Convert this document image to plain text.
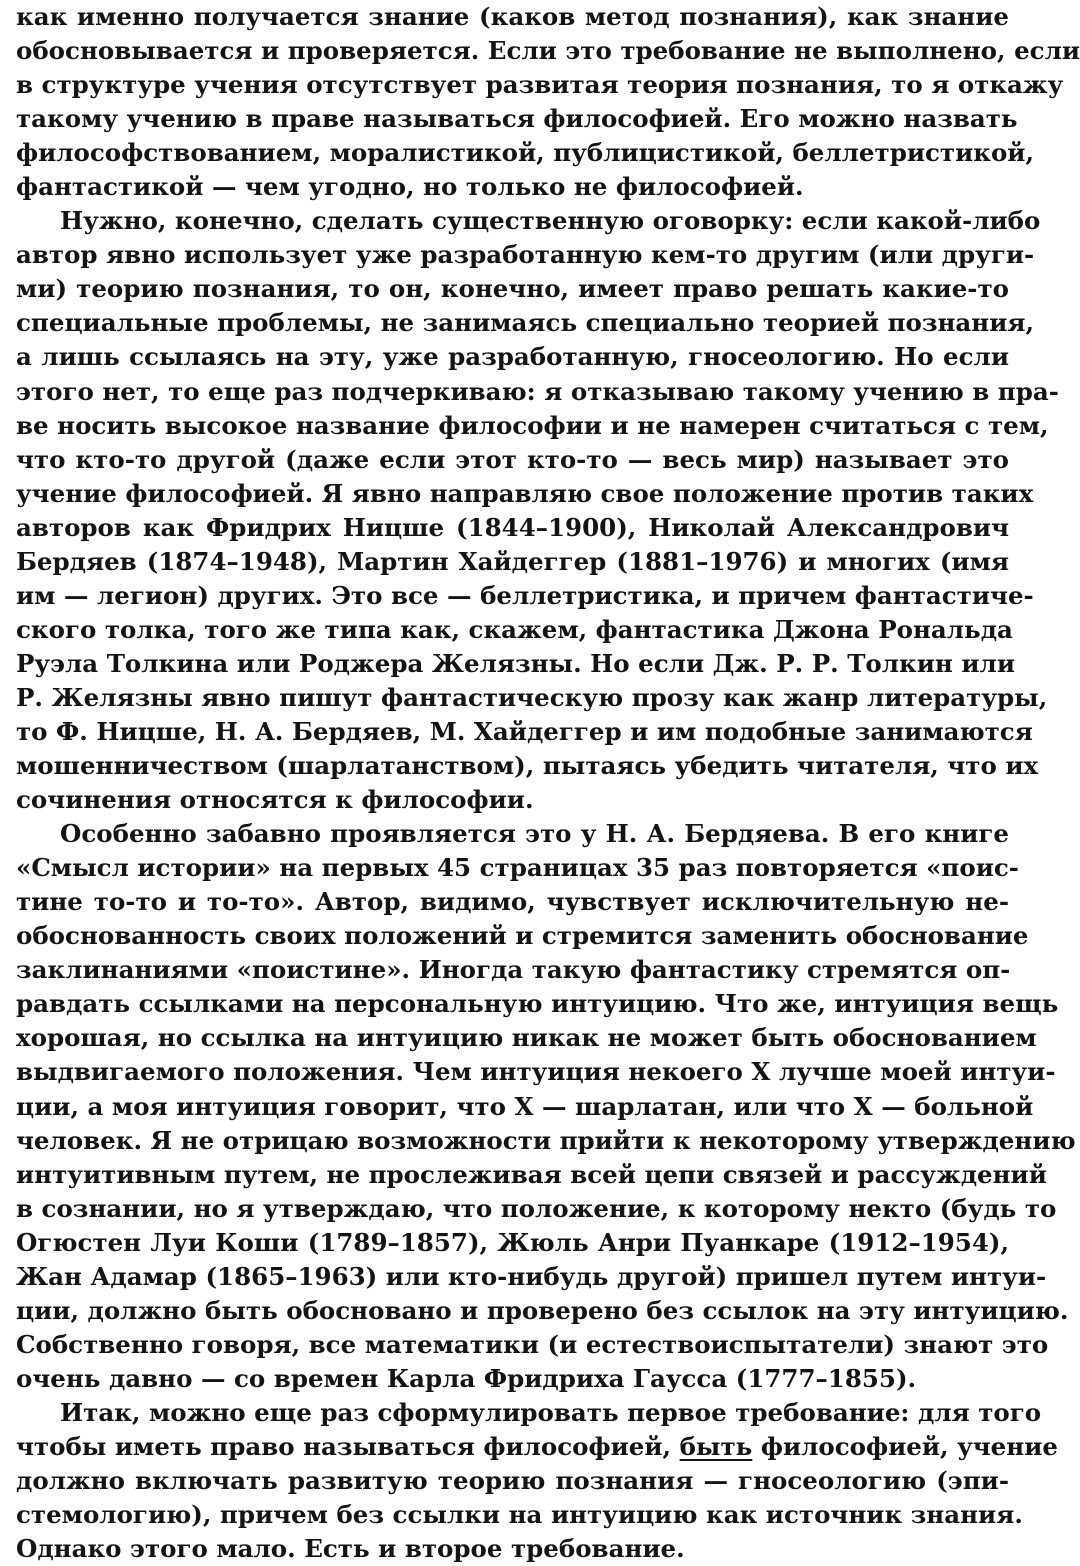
как именно получается знание (каков метод познания), как знание
обосновывается и проверяется. Если это требование не выполнено, если
в структуре учения отсутствует развитая теория познания, то я откажу
такому учению в праве называться философией. Его можно назвать
философствованием, моралистикой, публицистикой, беллетристикой,
фантастикой — чем угодно, но только не философией.
Нужно, конечно, сделать существенную оговорку: если какой-либо
автор явно использует уже разработанную кем-то другим (или други-
ми) теорию познания, то он, конечно, имеет право решать какие-то
специальные проблемы, не занимаясь специально теорией познания,
а лишь ссылаясь на эту, уже разработанную, гносеологию. Но если
этого нет, то еще раз подчеркиваю: я отказываю такому учению в пра-
ве носить высокое название философии и не намерен считаться с тем,
что кто-то другой (даже если этот кто-то — весь мир) называет это
учение философией. Я явно направляю свое положение против таких
авторов как Фридрих Ницше (1844–1900), Николай Александрович
Бердяев (1874–1948), Мартин Хайдеггер (1881–1976) и многих (имя
им — легион) других. Это все — беллетристика, и причем фантастиче-
ского толка, того же типа как, скажем, фантастика Джона Рональда
Руэла Толкина или Роджера Желязны. Но если Дж. Р. Р. Толкин или
Р. Желязны явно пишут фантастическую прозу как жанр литературы,
то Ф. Ницше, Н. А. Бердяев, М. Хайдеггер и им подобные занимаются
мошенничеством (шарлатанством), пытаясь убедить читателя, что их
сочинения относятся к философии.
Особенно забавно проявляется это у Н. А. Бердяева. В его книге
«Смысл истории» на первых 45 страницах 35 раз повторяется «поис-
тине то-то и то-то». Автор, видимо, чувствует исключительную не-
обоснованность своих положений и стремится заменить обоснование
заклинаниями «поистине». Иногда такую фантастику стремятся оп-
равдать ссылками на персональную интуицию. Что же, интуиция вещь
хорошая, но ссылка на интуицию никак не может быть обоснованием
выдвигаемого положения. Чем интуиция некоего X лучше моей интуи-
ции, а моя интуиция говорит, что X — шарлатан, или что X — больной
человек. Я не отрицаю возможности прийти к некоторому утверждению
интуитивным путем, не прослеживая всей цепи связей и рассуждений
в сознании, но я утверждаю, что положение, к которому некто (будь то
Огюстен Луи Коши (1789–1857), Жюль Анри Пуанкаре (1912–1954),
Жан Адамар (1865–1963) или кто-нибудь другой) пришел путем интуи-
ции, должно быть обосновано и проверено без ссылок на эту интуицию.
Собственно говоря, все математики (и естествоиспытатели) знают это
очень давно — со времен Карла Фридриха Гаусса (1777–1855).
Итак, можно еще раз сформулировать первое требование: для того
чтобы иметь право называться философией, быть философией, учение
должно включать развитую теорию познания — гносеологию (эпи-
стемологию), причем без ссылки на интуицию как источник знания.
Однако этого мало. Есть и второе требование.
